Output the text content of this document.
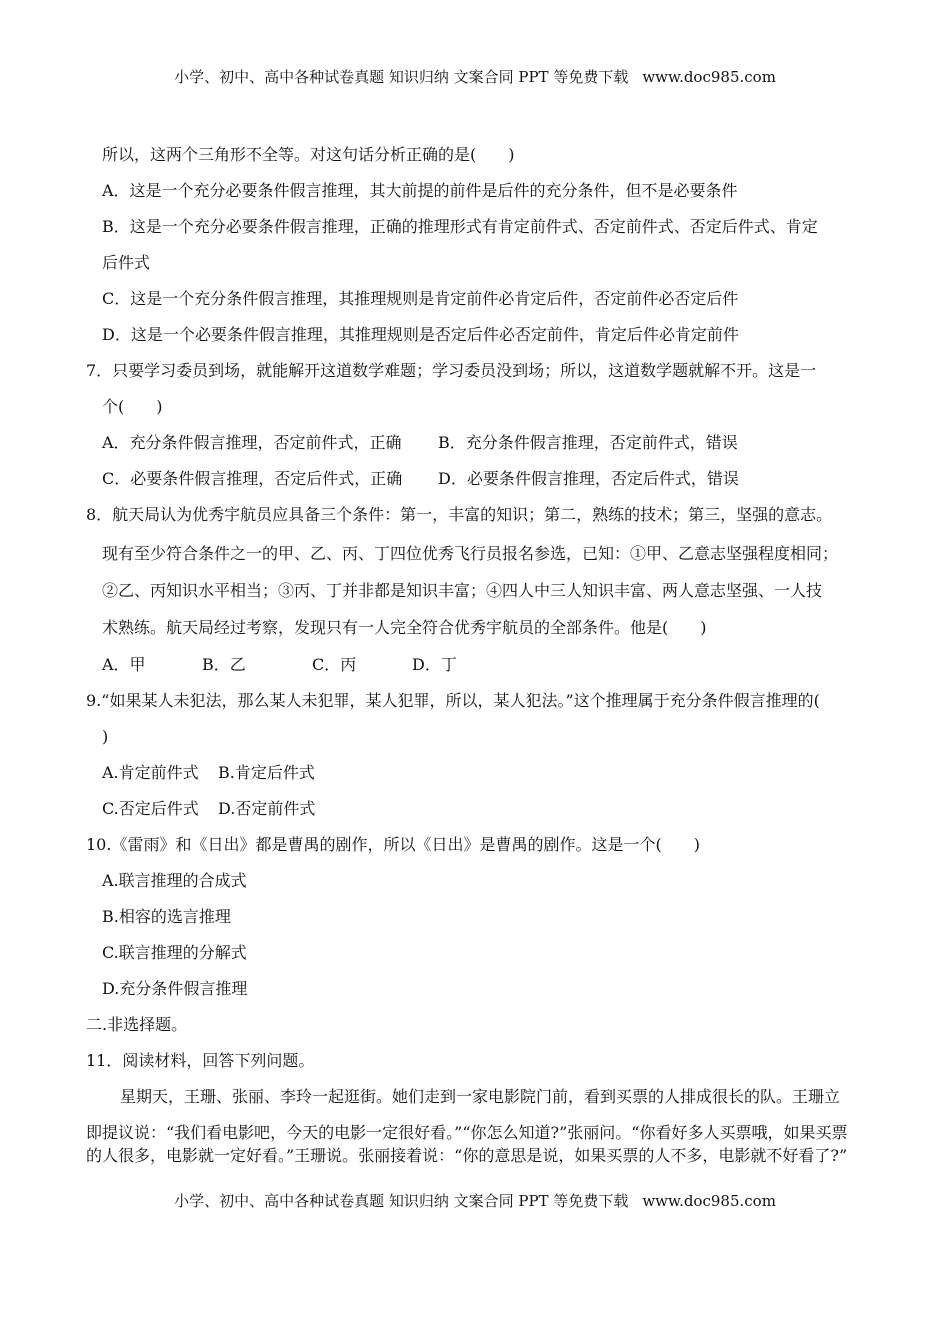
小学、初中、高中各种试卷真题 知识归纳 文案合同 PPT 等免费下载 www.doc985.com
所以，这两个三角形不全等。对这句话分析正确的是(　　)
A．这是一个充分必要条件假言推理，其大前提的前件是后件的充分条件，但不是必要条件
B．这是一个充分必要条件假言推理，正确的推理形式有肯定前件式、否定前件式、否定后件式、肯定
后件式
C．这是一个充分条件假言推理，其推理规则是肯定前件必肯定后件，否定前件必否定后件
D．这是一个必要条件假言推理，其推理规则是否定后件必否定前件，肯定后件必肯定前件
7．只要学习委员到场，就能解开这道数学难题；学习委员没到场；所以，这道数学题就解不开。这是一
个(　　)
A．充分条件假言推理，否定前件式，正确 B．充分条件假言推理，否定前件式，错误
C．必要条件假言推理，否定后件式，正确 D．必要条件假言推理，否定后件式，错误
8．航天局认为优秀宇航员应具备三个条件：第一，丰富的知识；第二，熟练的技术；第三，坚强的意志。
现有至少符合条件之一的甲、乙、丙、丁四位优秀飞行员报名参选，已知：①甲、乙意志坚强程度相同；
②乙、丙知识水平相当；③丙、丁并非都是知识丰富；④四人中三人知识丰富、两人意志坚强、一人技
术熟练。航天局经过考察，发现只有一人完全符合优秀宇航员的全部条件。他是(　　)
A．甲	B．乙	C．丙	D．丁
9.“如果某人未犯法，那么某人未犯罪，某人犯罪，所以，某人犯法。”这个推理属于充分条件假言推理的(
)
A.肯定前件式 B.肯定后件式
C.否定后件式 D.否定前件式
10.《雷雨》和《日出》都是曹禺的剧作，所以《日出》是曹禺的剧作。这是一个(　　)
A.联言推理的合成式
B.相容的选言推理
C.联言推理的分解式
D.充分条件假言推理
二.非选择题。
11．阅读材料，回答下列问题。
星期天，王珊、张丽、李玲一起逛街。她们走到一家电影院门前，看到买票的人排成很长的队。王珊立
即提议说：“我们看电影吧，今天的电影一定很好看。”“你怎么知道?”张丽问。“你看好多人买票哦，如果买票
的人很多，电影就一定好看。”王珊说。张丽接着说：“你的意思是说，如果买票的人不多，电影就不好看了?”
小学、初中、高中各种试卷真题 知识归纳 文案合同 PPT 等免费下载 www.doc985.com
